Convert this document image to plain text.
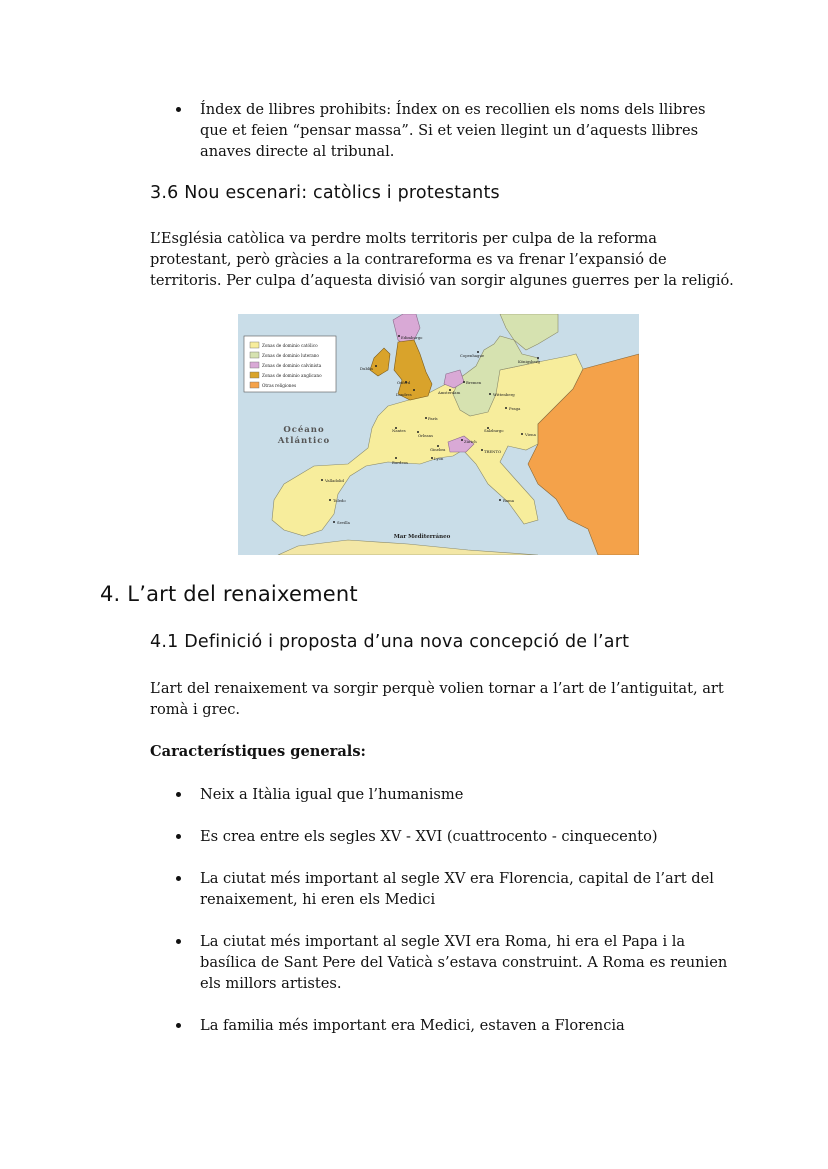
Índex de llibres prohibits: Índex on es recollien els noms dels llibres que et feien “pensar massa”. Si et veien llegint un d’aquests llibres anaves directe al tribunal.
3.6 Nou escenari: catòlics i protestants

L’Església catòlica va perdre molts territoris per culpa de la reforma protestant, però gràcies a la contrareforma es va frenar l’expansió de territoris. Per culpa d’aquesta divisió van sorgir algunes guerres per la religió.

Zonas de dominio católico
Zonas de dominio luterano
Zonas de dominio calvinista
Zonas de dominio anglicano
Otras religiones
Océano
Atlántico
Mar Mediterráneo
Edimburgo
Dublín
Oxford
Londres
Copenhague
Königsberg
Amsterdam
Bremen
Wittenberg
Praga
París
Nantes
Orleans
Ginebra
Zúrich
Salzburgo
Viena
TRENTO
Lyon
Burdeos
Valladolid
Toledo
Sevilla
Roma
4. L’art del renaixement
4.1 Definició i proposta d’una nova concepció de l’art

L’art del renaixement va sorgir perquè volien tornar a l’art de l’antiguitat, art romà i grec.

Característiques generals:

Neix a Itàlia igual que l’humanisme
Es crea entre els segles XV - XVI (cuattrocento - cinquecento)
La ciutat més important al segle XV era Florencia, capital de l’art del renaixement, hi eren els Medici
La ciutat més important al segle XVI era Roma, hi era el Papa i la basílica de Sant Pere del Vaticà s’estava construint. A Roma es reunien els millors artistes.
La familia més important era Medici, estaven a Florencia
